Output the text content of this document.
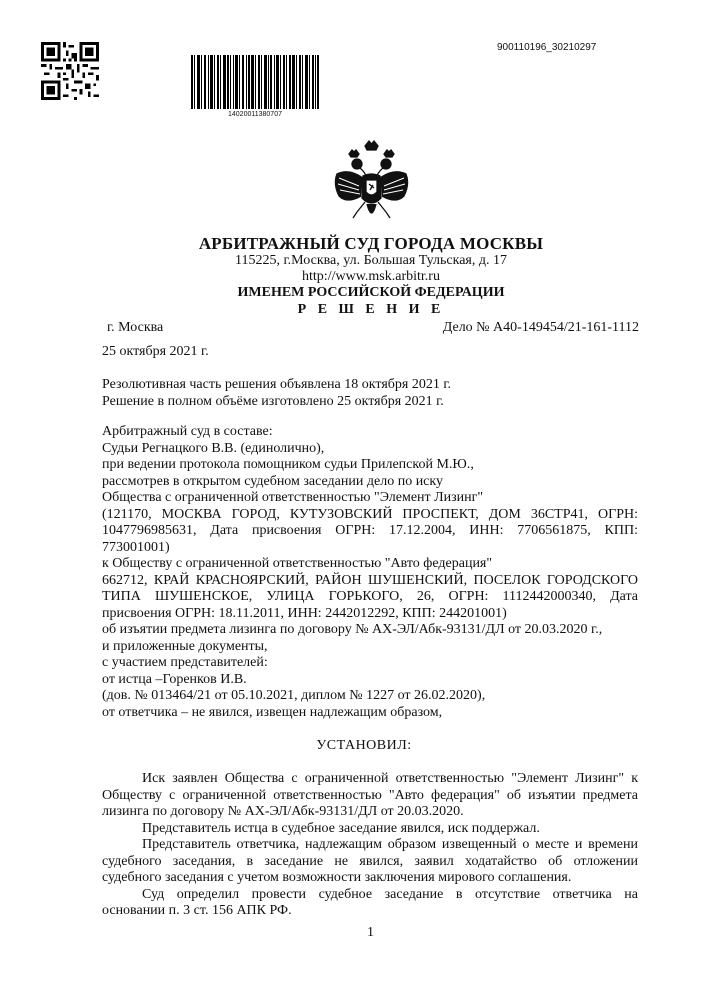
14020011380707
900110196_30210297
АРБИТРАЖНЫЙ СУД ГОРОДА МОСКВЫ
115225, г.Москва, ул. Большая Тульская, д. 17
http://www.msk.arbitr.ru
ИМЕНЕМ РОССИЙСКОЙ ФЕДЕРАЦИИ
Р Е Ш Е Н И Е
г. Москва	Дело № А40-149454/21-161-1112
25 октября 2021 г.
Резолютивная часть решения объявлена 18 октября 2021 г.
Решение в полном объёме изготовлено 25 октября 2021 г.
Арбитражный суд в составе:
Судьи Регнацкого В.В. (единолично),
при ведении протокола помощником судьи Прилепской М.Ю.,
рассмотрев в открытом судебном заседании дело по иску
Общества с ограниченной ответственностью "Элемент Лизинг"
(121170, МОСКВА ГОРОД, КУТУЗОВСКИЙ ПРОСПЕКТ, ДОМ 36СТР41, ОГРН:
1047796985631, Дата присвоения ОГРН: 17.12.2004, ИНН: 7706561875, КПП:
773001001)
к Обществу с ограниченной ответственностью "Авто федерация"
662712, КРАЙ КРАСНОЯРСКИЙ, РАЙОН ШУШЕНСКИЙ, ПОСЕЛОК ГОРОДСКОГО
ТИПА ШУШЕНСКОЕ, УЛИЦА ГОРЬКОГО, 26, ОГРН: 1112442000340, Дата
присвоения ОГРН: 18.11.2011, ИНН: 2442012292, КПП: 244201001)
об изъятии предмета лизинга по договору № АХ-ЭЛ/Абк-93131/ДЛ от 20.03.2020 г.,
и приложенные документы,
с участием представителей:
от истца –Горенков И.В.
(дов. № 013464/21 от 05.10.2021, диплом № 1227 от 26.02.2020),
от ответчика – не явился, извещен надлежащим образом,
УСТАНОВИЛ:
Иск заявлен Общества с ограниченной ответственностью "Элемент Лизинг" к
Обществу с ограниченной ответственностью "Авто федерация" об изъятии предмета
лизинга по договору № АХ-ЭЛ/Абк-93131/ДЛ от 20.03.2020.
Представитель истца в судебное заседание явился, иск поддержал.
Представитель ответчика, надлежащим образом извещенный о месте и времени
судебного заседания, в заседание не явился, заявил ходатайство об отложении
судебного заседания с учетом возможности заключения мирового соглашения.
Суд определил провести судебное заседание в отсутствие ответчика на
основании п. 3 ст. 156 АПК РФ.
1
